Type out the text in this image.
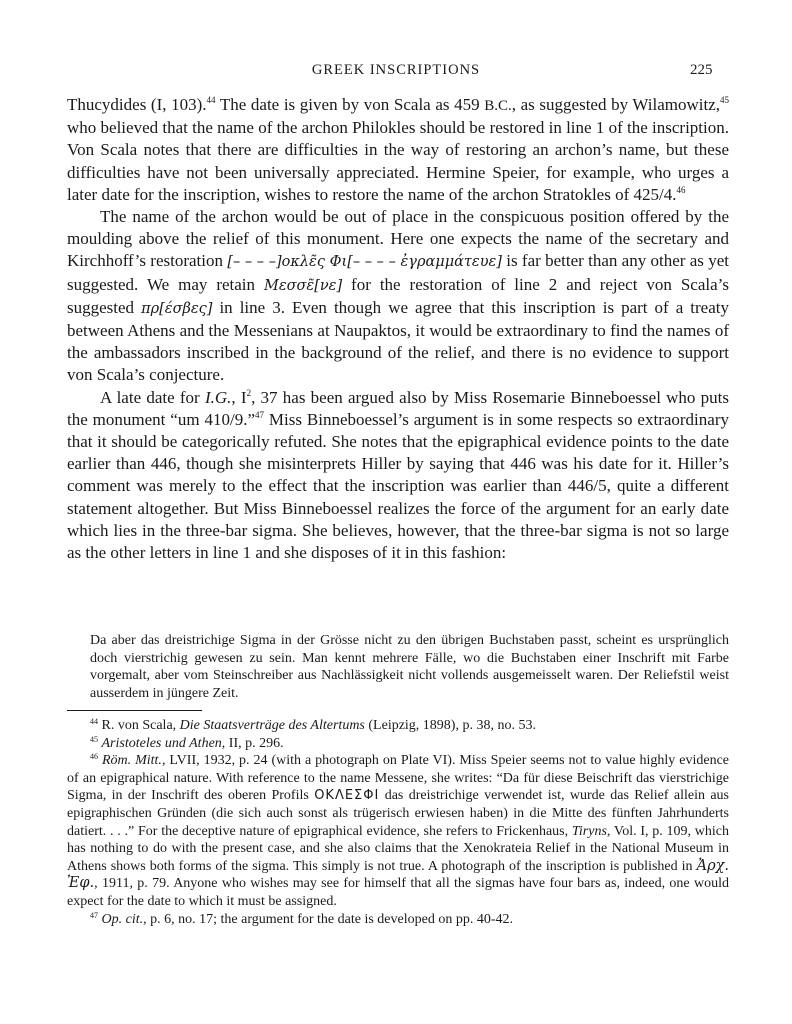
GREEK INSCRIPTIONS	225

Thucydides (I, 103).$^{44}$ The date is given by von Scala as 459 B.C., as suggested by Wilamowitz,$^{45}$ who believed that the name of the archon Philokles should be restored in line 1 of the inscription. Von Scala notes that there are difficulties in the way of restoring an archon’s name, but these difficulties have not been universally appreciated. Hermine Speier, for example, who urges a later date for the inscription, wishes to restore the name of the archon Stratokles of 425/4.46

The name of the archon would be out of place in the conspicuous position offered by the moulding above the relief of this monument. Here one expects the name of the secretary and Kirchhoff’s restoration [– – – –]οκλε̃ς Φι[– – – – ἐγραμμάτευε] is far better than any other as yet suggested. We may retain Μεσσε̃[νε] for the restoration of line 2 and reject von Scala’s suggested πρ[έσβες] in line 3. Even though we agree that this inscription is part of a treaty between Athens and the Messenians at Naupaktos, it would be extraordinary to find the names of the ambassadors inscribed in the background of the relief, and there is no evidence to support von Scala’s conjecture.

A late date for I.G., $I^2$, 37 has been argued also by Miss Rosemarie Binneboessel who puts the monument “um 410/9.”$^{47}$ Miss Binneboessel’s argument is in some respects so extraordinary that it should be categorically refuted. She notes that the epigraphical evidence points to the date earlier than 446, though she misinterprets Hiller by saying that 446 was his date for it. Hiller’s comment was merely to the effect that the inscription was earlier than 446/5, quite a different statement altogether. But Miss Binneboessel realizes the force of the argument for an early date which lies in the three-bar sigma. She believes, however, that the three-bar sigma is not so large as the other letters in line 1 and she disposes of it in this fashion:

Da aber das dreistrichige Sigma in der Grösse nicht zu den übrigen Buchstaben passt, scheint es ursprünglich doch vierstrichig gewesen zu sein. Man kennt mehrere Fälle, wo die Buchstaben einer Inschrift mit Farbe vorgemalt, aber vom Steinschreiber aus Nachlässigkeit nicht vollends ausgemeisselt waren. Der Reliefstil weist ausserdem in jüngere Zeit.

$^{44}$ R. von Scala, Die Staatsverträge des Altertums (Leipzig, 1898), p. 38, no. 53.

$^{45}$ Aristoteles und Athen, II, p. 296.

$^{46}$ Röm. Mitt., LVII, 1932, p. 24 (with a photograph on Plate VI). Miss Speier seems not to value highly evidence of an epigraphical nature. With reference to the name Messene, she writes: “Da für diese Beischrift das vierstrichige Sigma, in der Inschrift des oberen Profils ΟΚΛΕΣΦΙ das dreistrichige verwendet ist, wurde das Relief allein aus epigraphischen Gründen (die sich auch sonst als trügerisch erwiesen haben) in die Mitte des fünften Jahrhunderts datiert. . . .” For the deceptive nature of epigraphical evidence, she refers to Frickenhaus, Tiryns, Vol. I, p. 109, which has nothing to do with the present case, and she also claims that the Xenokrateia Relief in the National Museum in Athens shows both forms of the sigma. This simply is not true. A photograph of the inscription is published in Ἀρχ. Ἐφ., 1911, p. 79. Anyone who wishes may see for himself that all the sigmas have four bars as, indeed, one would expect for the date to which it must be assigned.

$^{47}$ Op. cit., p. 6, no. 17; the argument for the date is developed on pp. 40-42.
